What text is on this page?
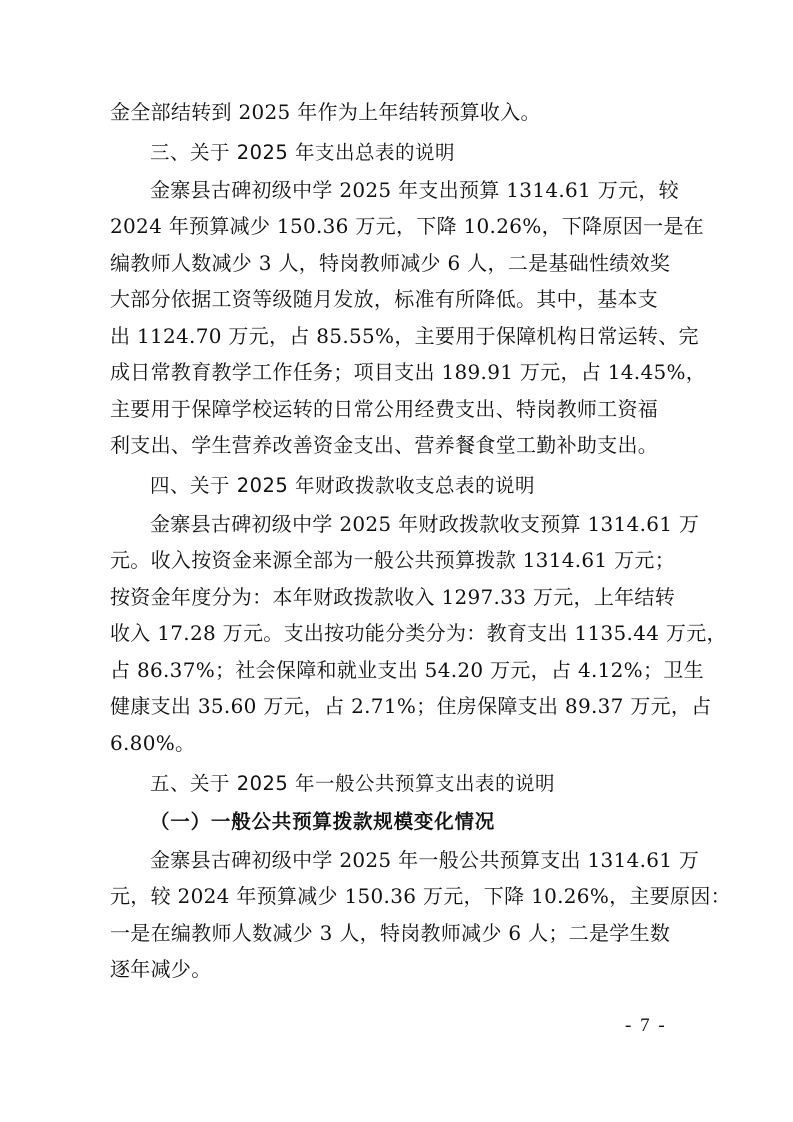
金全部结转到 2025 年作为上年结转预算收入。
三、关于 2025 年支出总表的说明
金寨县古碑初级中学 2025 年支出预算 1314.61 万元，较
2024 年预算减少 150.36 万元，下降 10.26%，下降原因一是在
编教师人数减少 3 人，特岗教师减少 6 人，二是基础性绩效奖
大部分依据工资等级随月发放，标准有所降低。其中，基本支
出 1124.70 万元，占 85.55%，主要用于保障机构日常运转、完
成日常教育教学工作任务；项目支出 189.91 万元，占 14.45%，
主要用于保障学校运转的日常公用经费支出、特岗教师工资福
利支出、学生营养改善资金支出、营养餐食堂工勤补助支出。
四、关于 2025 年财政拨款收支总表的说明
金寨县古碑初级中学 2025 年财政拨款收支预算 1314.61 万
元。收入按资金来源全部为一般公共预算拨款 1314.61 万元；
按资金年度分为：本年财政拨款收入 1297.33 万元，上年结转
收入 17.28 万元。支出按功能分类分为：教育支出 1135.44 万元，
占 86.37%；社会保障和就业支出 54.20 万元，占 4.12%；卫生
健康支出 35.60 万元，占 2.71%；住房保障支出 89.37 万元，占
6.80%。
五、关于 2025 年一般公共预算支出表的说明
（一）一般公共预算拨款规模变化情况
金寨县古碑初级中学 2025 年一般公共预算支出 1314.61 万
元，较 2024 年预算减少 150.36 万元，下降 10.26%，主要原因：
一是在编教师人数减少 3 人，特岗教师减少 6 人；二是学生数
逐年减少。
- 7 -
